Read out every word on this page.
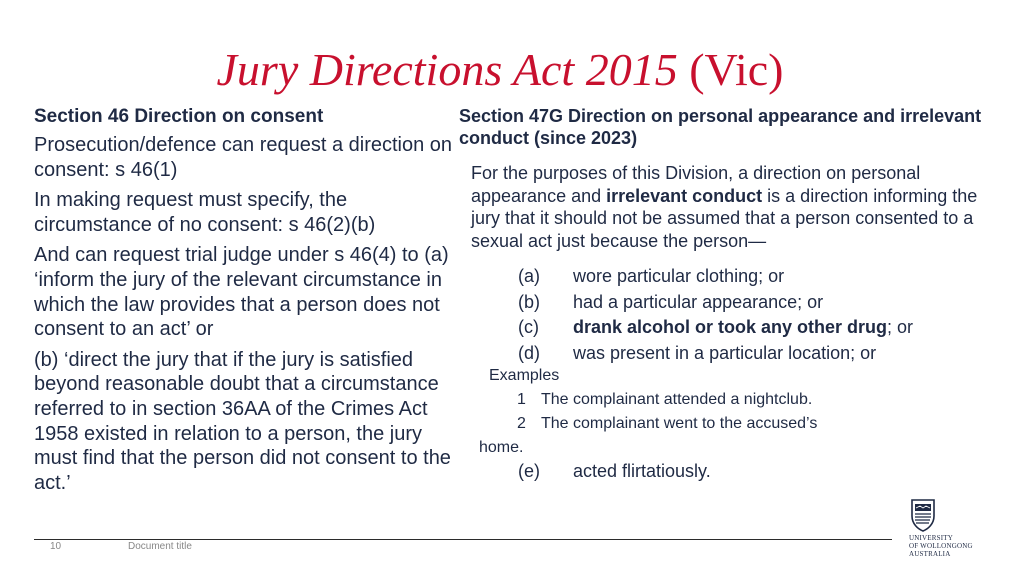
Jury Directions Act 2015 (Vic)
Section 46 Direction on consent

Prosecution/defence can request a direction on consent: s 46(1)

In making request must specify, the circumstance of no consent: s 46(2)(b)

And can request trial judge under s 46(4) to (a) ‘inform the jury of the relevant circumstance in which the law provides that a person does not consent to an act’ or

(b) ‘direct the jury that if the jury is satisfied beyond reasonable doubt that a circumstance referred to in section 36AA of the Crimes Act 1958 existed in relation to a person, the jury must find that the person did not consent to the act.’

Section 47G Direction on personal appearance and irrelevant conduct (since 2023)
For the purposes of this Division, a direction on personal appearance and irrelevant conduct is a direction informing the jury that it should not be assumed that a person consented to a sexual act just because the person—
(a) wore particular clothing; or
(b) had a particular appearance; or
(c) drank alcohol or took any other drug; or
(d) was present in a particular location; or
Examples
1 The complainant attended a nightclub.
2 The complainant went to the accused’s
home.
(e) acted flirtatiously.
10	Document title
UNIVERSITY
OF WOLLONGONG
AUSTRALIA
